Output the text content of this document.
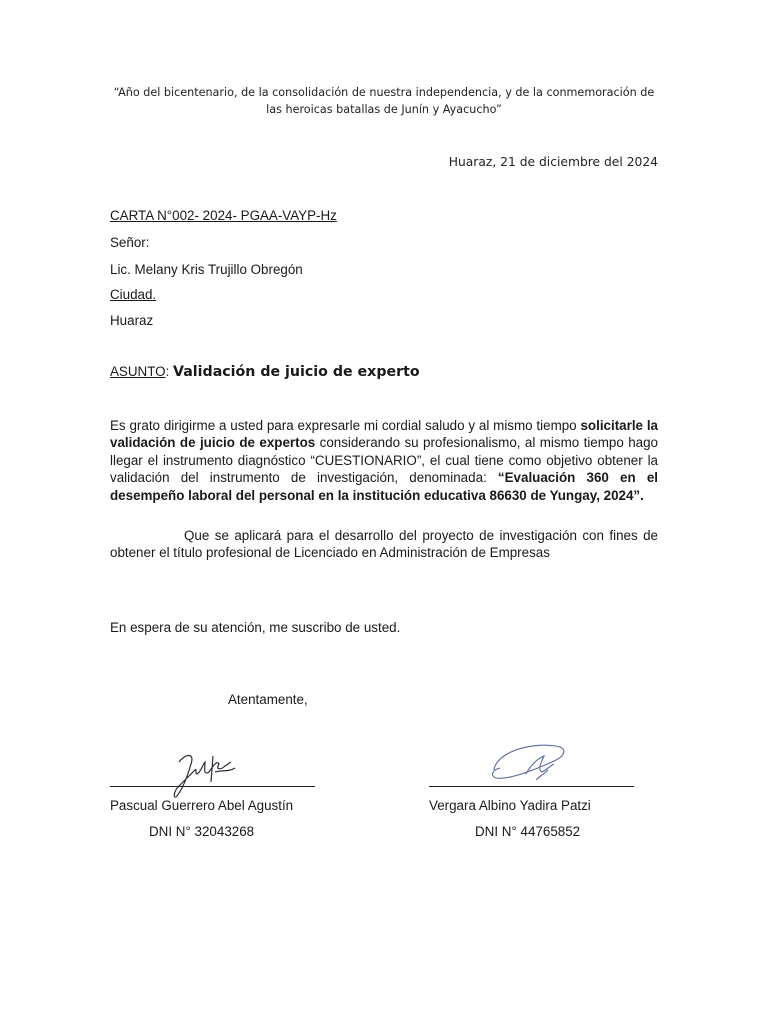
“Año del bicentenario, de la consolidación de nuestra independencia, y de la conmemoración de las heroicas batallas de Junín y Ayacucho”
Huaraz, 21 de diciembre del 2024
CARTA N°002- 2024- PGAA-VAYP-Hz
Señor:
Lic. Melany Kris Trujillo Obregón
Ciudad.
Huaraz
ASUNTO: Validación de juicio de experto
Es grato dirigirme a usted para expresarle mi cordial saludo y al mismo tiempo solicitarle la validación de juicio de expertos considerando su profesionalismo, al mismo tiempo hago llegar el instrumento diagnóstico “CUESTIONARIO”, el cual tiene como objetivo obtener la validación del instrumento de investigación, denominada: “Evaluación 360 en el desempeño laboral del personal en la institución educativa 86630 de Yungay, 2024”.
Que se aplicará para el desarrollo del proyecto de investigación con fines de obtener el título profesional de Licenciado en Administración de Empresas
En espera de su atención, me suscribo de usted.
Atentamente,
Pascual Guerrero Abel Agustín
DNI N° 32043268
Vergara Albino Yadira Patzi
DNI N° 44765852
